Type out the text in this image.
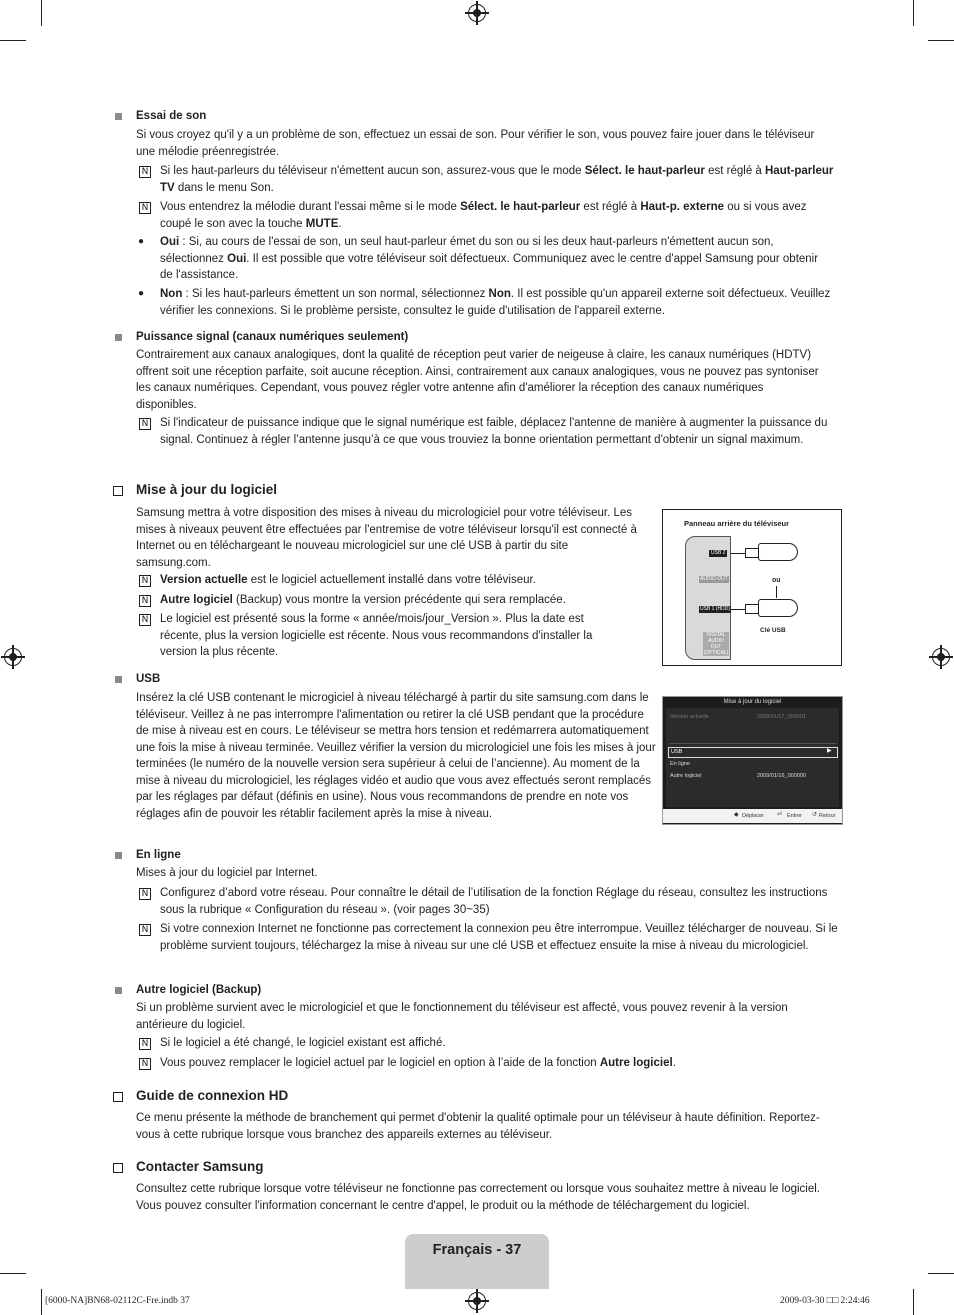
Essai de son
Si vous croyez qu'il y a un problème de son, effectuez un essai de son. Pour vérifier le son, vous pouvez faire jouer dans le téléviseur une mélodie préenregistrée.
N Si les haut-parleurs du téléviseur n'émettent aucun son, assurez-vous que le mode Sélect. le haut-parleur est réglé à Haut-parleur TV dans le menu Son.
N Vous entendrez la mélodie durant l'essai même si le mode Sélect. le haut-parleur est réglé à Haut-p. externe ou si vous avez coupé le son avec la touche MUTE.
● Oui : Si, au cours de l'essai de son, un seul haut-parleur émet du son ou si les deux haut-parleurs n'émettent aucun son, sélectionnez Oui. Il est possible que votre téléviseur soit défectueux. Communiquez avec le centre d'appel Samsung pour obtenir de l'assistance.
● Non : Si les haut-parleurs émettent un son normal, sélectionnez Non. Il est possible qu'un appareil externe soit défectueux. Veuillez vérifier les connexions. Si le problème persiste, consultez le guide d'utilisation de l'appareil externe.
Puissance signal (canaux numériques seulement)
Contrairement aux canaux analogiques, dont la qualité de réception peut varier de neigeuse à claire, les canaux numériques (HDTV) offrent soit une réception parfaite, soit aucune réception. Ainsi, contrairement aux canaux analogiques, vous ne pouvez pas syntoniser les canaux numériques. Cependant, vous pouvez régler votre antenne afin d'améliorer la réception des canaux numériques disponibles.
N Si l'indicateur de puissance indique que le signal numérique est faible, déplacez l'antenne de manière à augmenter la puissance du signal. Continuez à régler l’antenne jusqu’à ce que vous trouviez la bonne orientation permettant d'obtenir un signal maximum.
Mise à jour du logiciel
Samsung mettra à votre disposition des mises à niveau du micrologiciel pour votre téléviseur. Les mises à niveaux peuvent être effectuées par l'entremise de votre téléviseur lorsqu'il est connecté à Internet ou en téléchargeant le nouveau micrologiciel sur une clé USB à partir du site samsung.com.
N Version actuelle est le logiciel actuellement installé dans votre téléviseur.
N Autre logiciel (Backup) vous montre la version précédente qui sera remplacée.
N Le logiciel est présenté sous la forme « année/mois/jour_Version ». Plus la date est récente, plus la version logicielle est récente. Nous vous recommandons d'installer la version la plus récente.
Panneau arrière du téléviseur
USB 2
AUDIO OUT
USB 1 (HDD)
DIGITAL AUDIO OUT (OPTICAL)
ou
Clé USB
USB
Insérez la clé USB contenant le microgiciel à niveau téléchargé à partir du site samsung.com dans le téléviseur. Veillez à ne pas interrompre l'alimentation ou retirer la clé USB pendant que la procédure de mise à niveau est en cours. Le téléviseur se mettra hors tension et redémarrera automatiquement une fois la mise à niveau terminée. Veuillez vérifier la version du micrologiciel une fois les mises à jour terminées (le numéro de la nouvelle version sera supérieur à celui de l’ancienne). Au moment de la mise à niveau du micrologiciel, les réglages vidéo et audio que vous avez effectués seront remplacés par les réglages par défaut (définis en usine). Nous vous recommandons de prendre en note vos réglages afin de pouvoir les rétablir facilement après la mise à niveau.
Mise à jour du logiciel
Version actuelle	2009/01/17_000001
USB	▶
En ligne
Autre logiciel	2009/01/16_000000
◆ Déplacer ⏎ Entrer ↺ Retour
En ligne
Mises à jour du logiciel par Internet.
N Configurez d’abord votre réseau. Pour connaître le détail de l’utilisation de la fonction Réglage du réseau, consultez les instructions sous la rubrique « Configuration du réseau ». (voir pages 30~35)
N Si votre connexion Internet ne fonctionne pas correctement la connexion peu être interrompue. Veuillez télécharger de nouveau. Si le problème survient toujours, téléchargez la mise à niveau sur une clé USB et effectuez ensuite la mise à niveau du micrologiciel.
Autre logiciel (Backup)
Si un problème survient avec le micrologiciel et que le fonctionnement du téléviseur est affecté, vous pouvez revenir à la version antérieure du logiciel.
N Si le logiciel a été changé, le logiciel existant est affiché.
N Vous pouvez remplacer le logiciel actuel par le logiciel en option à l’aide de la fonction Autre logiciel.
Guide de connexion HD
Ce menu présente la méthode de branchement qui permet d'obtenir la qualité optimale pour un téléviseur à haute définition. Reportez-vous à cette rubrique lorsque vous branchez des appareils externes au téléviseur.
Contacter Samsung
Consultez cette rubrique lorsque votre téléviseur ne fonctionne pas correctement ou lorsque vous souhaitez mettre à niveau le logiciel. Vous pouvez consulter l'information concernant le centre d'appel, le produit ou la méthode de téléchargement du logiciel.
Français - 37
[6000-NA]BN68-02112C-Fre.indb 37	2009-03-30 □□ 2:24:46
